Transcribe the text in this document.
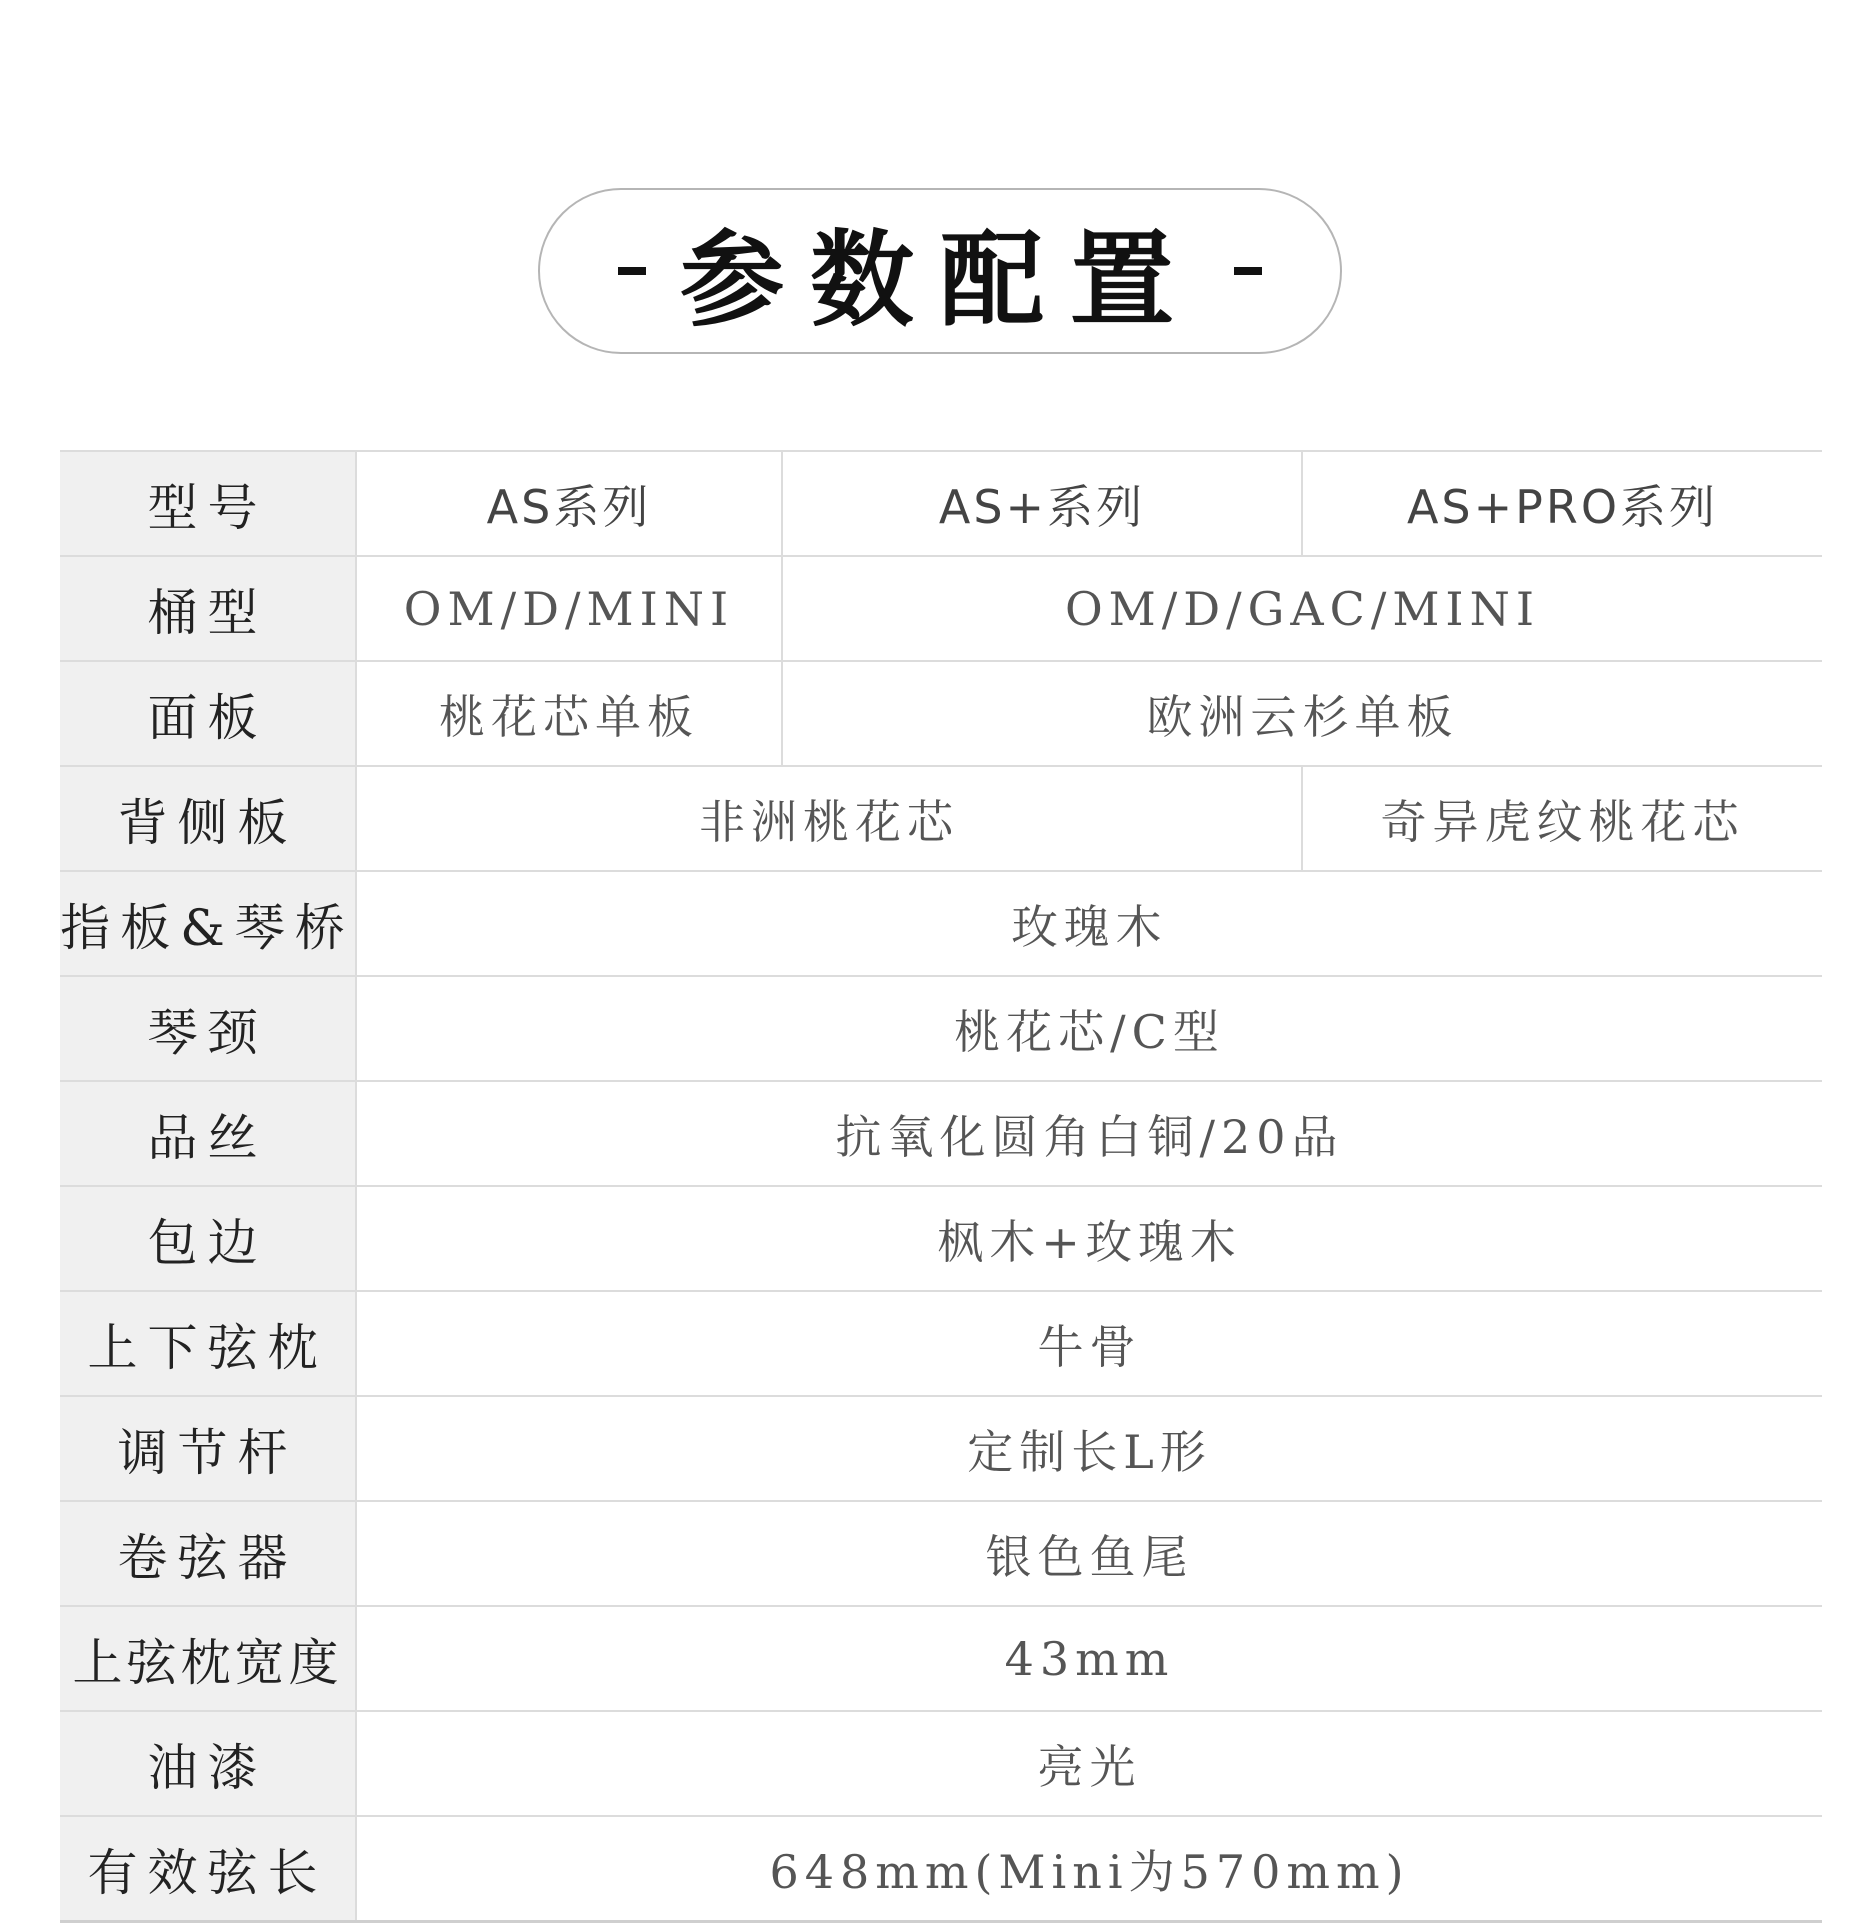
参数配置
型号	AS系列	AS+系列	AS+PRO系列
桶型	OM/D/MINI	OM/D/GAC/MINI	
面板	桃花芯单板	欧洲云杉单板	
背侧板	非洲桃花芯		奇异虎纹桃花芯
指板&琴桥	玫瑰木		
琴颈	桃花芯/C型		
品丝	抗氧化圆角白铜/20品		
包边	枫木+玫瑰木		
上下弦枕	牛骨		
调节杆	定制长L形		
卷弦器	银色鱼尾		
上弦枕宽度	43mm		
油漆	亮光		
有效弦长	648mm(Mini为570mm)		
